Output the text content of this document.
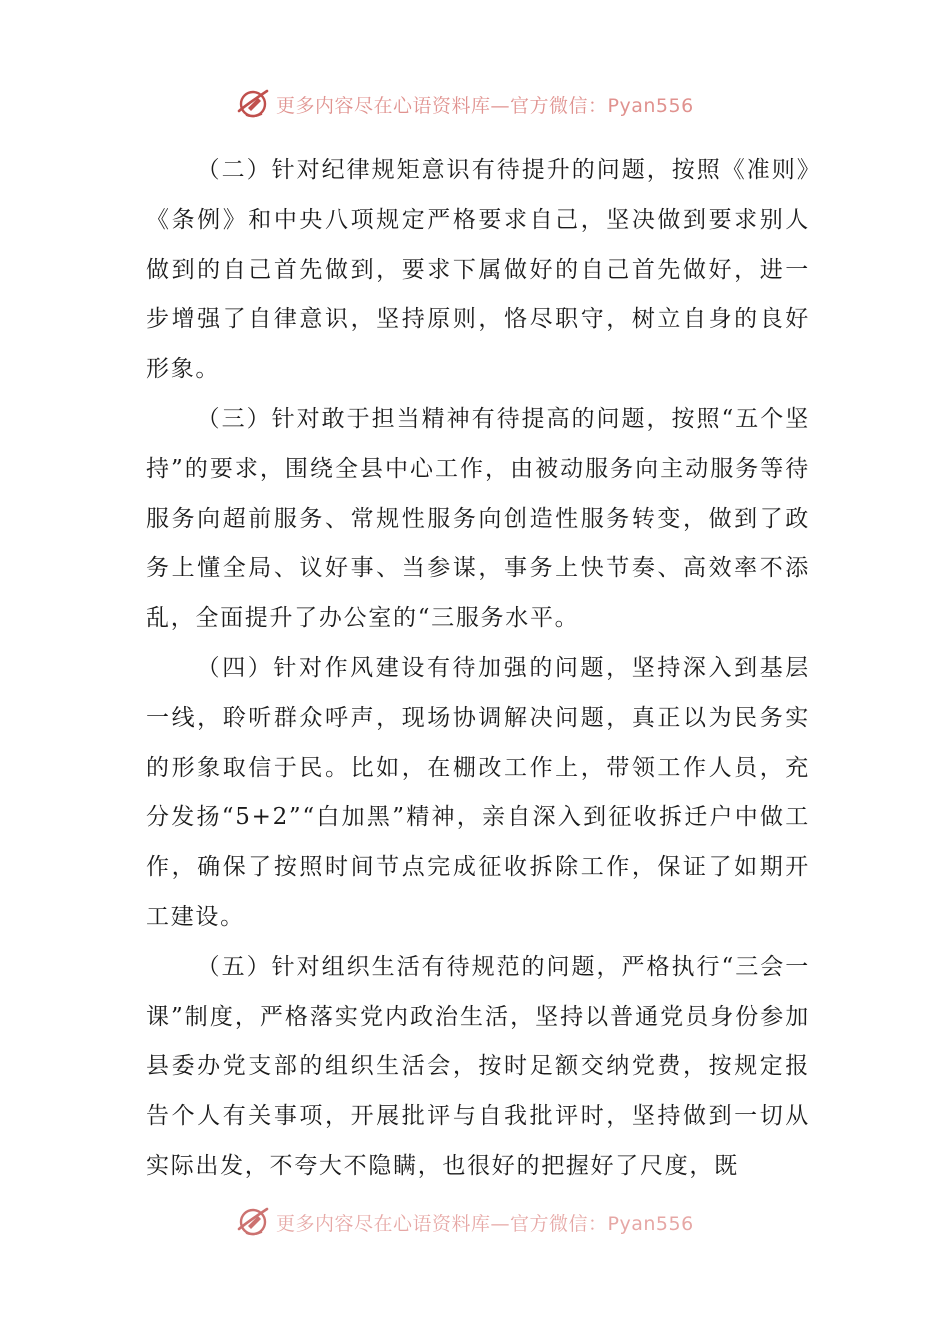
更多内容尽在心语资料库—官方微信：Pyan556

（二）针对纪律规矩意识有待提升的问题，按照《准则》《条例》和中央八项规定严格要求自己，坚决做到要求别人做到的自己首先做到，要求下属做好的自己首先做好，进一步增强了自律意识，坚持原则，恪尽职守，树立自身的良好形象。

（三）针对敢于担当精神有待提高的问题，按照“五个坚持”的要求，围绕全县中心工作，由被动服务向主动服务等待服务向超前服务、常规性服务向创造性服务转变，做到了政务上懂全局、议好事、当参谋，事务上快节奏、高效率不添乱，全面提升了办公室的“三服务水平。

（四）针对作风建设有待加强的问题，坚持深入到基层一线，聆听群众呼声，现场协调解决问题，真正以为民务实的形象取信于民。比如，在棚改工作上，带领工作人员，充分发扬“5+2”“白加黑”精神，亲自深入到征收拆迁户中做工作，确保了按照时间节点完成征收拆除工作，保证了如期开工建设。

（五）针对组织生活有待规范的问题，严格执行“三会一课”制度，严格落实党内政治生活，坚持以普通党员身份参加县委办党支部的组织生活会，按时足额交纳党费，按规定报告个人有关事项，开展批评与自我批评时，坚持做到一切从实际出发，不夸大不隐瞒，也很好的把握好了尺度，既

更多内容尽在心语资料库—官方微信：Pyan556
